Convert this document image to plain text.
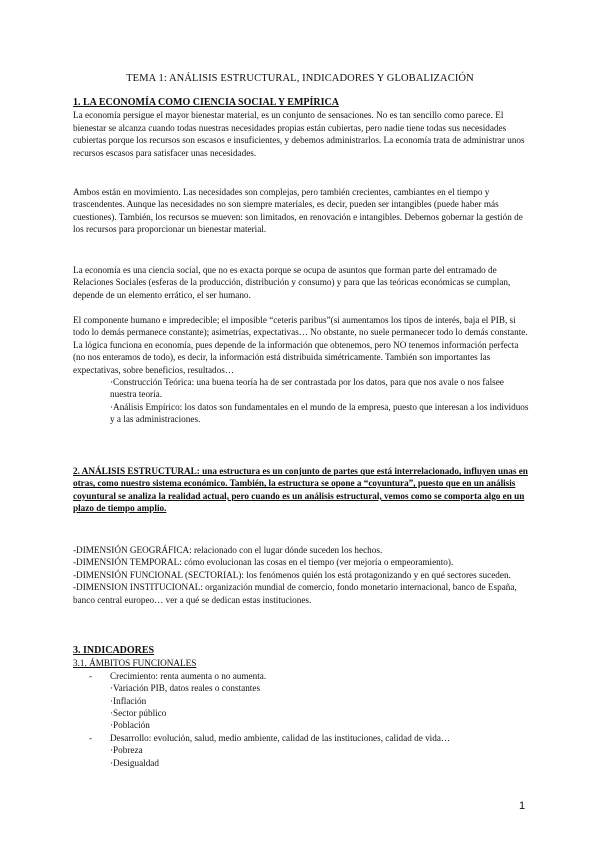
TEMA 1: ANÁLISIS ESTRUCTURAL, INDICADORES Y GLOBALIZACIÓN
1. LA ECONOMÍA COMO CIENCIA SOCIAL Y EMPÍRICA

La economía persigue el mayor bienestar material, es un conjunto de sensaciones. No es tan sencillo como parece. El bienestar se alcanza cuando todas nuestras necesidades propias están cubiertas, pero nadie tiene todas sus necesidades cubiertas porque los recursos son escasos e insuficientes, y debemos administrarlos. La economía trata de administrar unos recursos escasos para satisfacer unas necesidades.

Ambos están en movimiento. Las necesidades son complejas, pero también crecientes, cambiantes en el tiempo y trascendentes. Aunque las necesidades no son siempre materiales, es decir, pueden ser intangibles (puede haber más cuestiones). También, los recursos se mueven: son limitados, en renovación e intangibles. Debemos gobernar la gestión de los recursos para proporcionar un bienestar material.

La economía es una ciencia social, que no es exacta porque se ocupa de asuntos que forman parte del entramado de Relaciones Sociales (esferas de la producción, distribución y consumo) y para que las teóricas económicas se cumplan, depende de un elemento errático, el ser humano.

El componente humano e impredecible; el imposible “ceteris paribus”(si aumentamos los tipos de interés, baja el PIB, si todo lo demás permanece constante); asimetrías, expectativas… No obstante, no suele permanecer todo lo demás constante. La lógica funciona en economía, pues depende de la información que obtenemos, pero NO tenemos información perfecta (no nos enteramos de todo), es decir, la información está distribuida simétricamente. También son importantes las expectativas, sobre beneficios, resultados…

·Construcción Teórica: una buena teoría ha de ser contrastada por los datos, para que nos avale o nos falsee nuestra teoría.
·Análisis Empírico: los datos son fundamentales en el mundo de la empresa, puesto que interesan a los individuos y a las administraciones.

2. ANÁLISIS ESTRUCTURAL: una estructura es un conjunto de partes que está interrelacionado, influyen unas en otras, como nuestro sistema económico. También, la estructura se opone a “coyuntura”, puesto que en un análisis coyuntural se analiza la realidad actual, pero cuando es un análisis estructural, vemos como se comporta algo en un plazo de tiempo amplio.

-DIMENSIÓN GEOGRÁFICA: relacionado con el lugar dónde suceden los hechos.
-DIMENSIÓN TEMPORAL: cómo evolucionan las cosas en el tiempo (ver mejoría o empeoramiento).
-DIMENSIÓN FUNCIONAL (SECTORIAL): los fenómenos quién los está protagonizando y en qué sectores suceden.
-DIMENSION INSTITUCIONAL: organización mundial de comercio, fondo monetario internacional, banco de España, banco central europeo… ver a qué se dedican estas instituciones.
3. INDICADORES
3.1. ÁMBITOS FUNCIONALES
- Crecimiento: renta aumenta o no aumenta.
·Variación PIB, datos reales o constantes
·Inflación
·Sector público
·Población
- Desarrollo: evolución, salud, medio ambiente, calidad de las instituciones, calidad de vida…
·Pobreza
·Desigualdad
1
